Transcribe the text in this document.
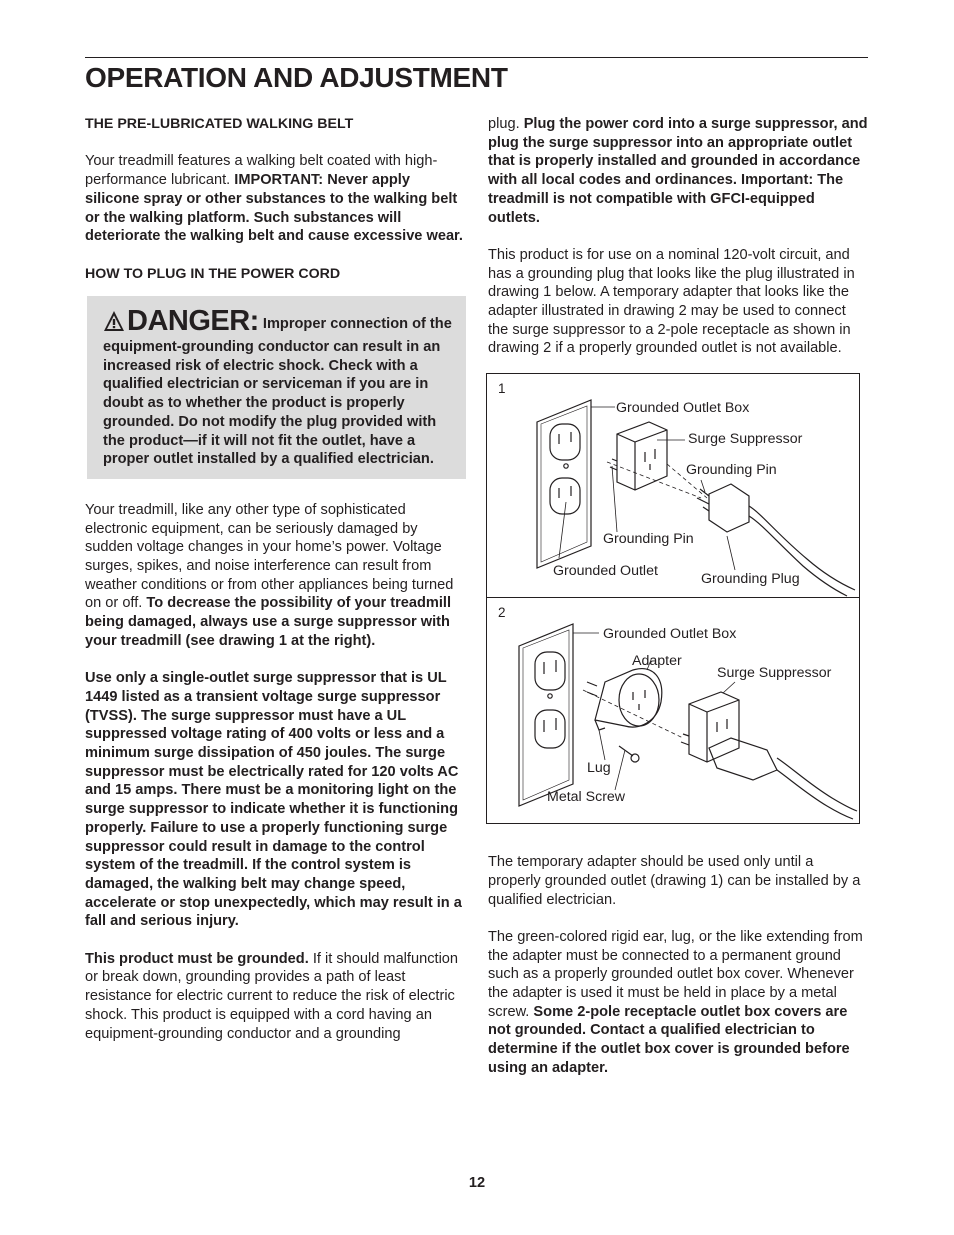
OPERATION AND ADJUSTMENT

THE PRE-LUBRICATED WALKING BELT

Your treadmill features a walking belt coated with high-performance lubricant. IMPORTANT: Never apply silicone spray or other substances to the walking belt or the walking platform. Such substances will deteriorate the walking belt and cause excessive wear.

HOW TO PLUG IN THE POWER CORD

DANGER: Improper connection of the equipment-grounding conductor can result in an increased risk of electric shock. Check with a qualified electrician or serviceman if you are in doubt as to whether the product is properly grounded. Do not modify the plug provided with the product—if it will not fit the outlet, have a proper outlet installed by a qualified electrician.

Your treadmill, like any other type of sophisticated electronic equipment, can be seriously damaged by sudden voltage changes in your home’s power. Voltage surges, spikes, and noise interference can result from weather conditions or from other appliances being turned on or off. To decrease the possibility of your treadmill being damaged, always use a surge suppressor with your treadmill (see drawing 1 at the right).

Use only a single-outlet surge suppressor that is UL 1449 listed as a transient voltage surge suppressor (TVSS). The surge suppressor must have a UL suppressed voltage rating of 400 volts or less and a minimum surge dissipation of 450 joules. The surge suppressor must be electrically rated for 120 volts AC and 15 amps. There must be a monitoring light on the surge suppressor to indicate whether it is functioning properly. Failure to use a properly functioning surge suppressor could result in damage to the control system of the treadmill. If the control system is damaged, the walking belt may change speed, accelerate or stop unexpectedly, which may result in a fall and serious injury.

This product must be grounded. If it should malfunction or break down, grounding provides a path of least resistance for electric current to reduce the risk of electric shock. This product is equipped with a cord having an equipment-grounding conductor and a grounding

plug. Plug the power cord into a surge suppressor, and plug the surge suppressor into an appropriate outlet that is properly installed and grounded in accordance with all local codes and ordinances. Important: The treadmill is not compatible with GFCI-equipped outlets.

This product is for use on a nominal 120-volt circuit, and has a grounding plug that looks like the plug illustrated in drawing 1 below. A temporary adapter that looks like the adapter illustrated in drawing 2 may be used to connect the surge suppressor to a 2-pole receptacle as shown in drawing 2 if a properly grounded outlet is not available.

1
Grounded Outlet Box
Surge Suppressor
Grounding Pin
Grounding Pin
Grounded Outlet	Grounding Plug
2
Grounded Outlet Box
Adapter
Surge Suppressor
Lug
Metal Screw

The temporary adapter should be used only until a properly grounded outlet (drawing 1) can be installed by a qualified electrician.

The green-colored rigid ear, lug, or the like extending from the adapter must be connected to a permanent ground such as a properly grounded outlet box cover. Whenever the adapter is used it must be held in place by a metal screw. Some 2-pole receptacle outlet box covers are not grounded. Contact a qualified electrician to determine if the outlet box cover is grounded before using an adapter.

12
